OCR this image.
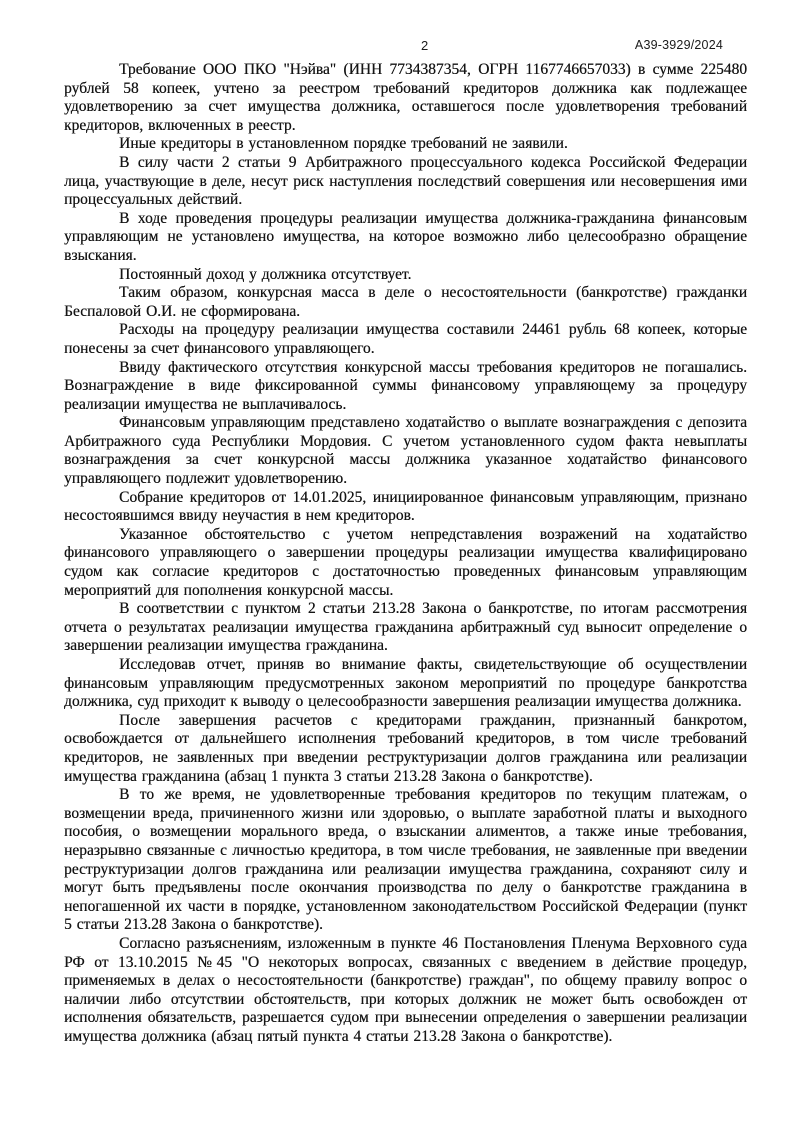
2	А39-3929/2024

Требование ООО ПКО "Нэйва" (ИНН 7734387354, ОГРН 1167746657033) в сумме 225480 рублей 58 копеек, учтено за реестром требований кредиторов должника как подлежащее удовлетворению за счет имущества должника, оставшегося после удовлетворения требований кредиторов, включенных в реестр.

Иные кредиторы в установленном порядке требований не заявили.

В силу части 2 статьи 9 Арбитражного процессуального кодекса Российской Федерации лица, участвующие в деле, несут риск наступления последствий совершения или несовершения ими процессуальных действий.

В ходе проведения процедуры реализации имущества должника-гражданина финансовым управляющим не установлено имущества, на которое возможно либо целесообразно обращение взыскания.

Постоянный доход у должника отсутствует.

Таким образом, конкурсная масса в деле о несостоятельности (банкротстве) гражданки Беспаловой О.И. не сформирована.

Расходы на процедуру реализации имущества составили 24461 рубль 68 копеек, которые понесены за счет финансового управляющего.

Ввиду фактического отсутствия конкурсной массы требования кредиторов не погашались. Вознаграждение в виде фиксированной суммы финансовому управляющему за процедуру реализации имущества не выплачивалось.

Финансовым управляющим представлено ходатайство о выплате вознаграждения с депозита Арбитражного суда Республики Мордовия. С учетом установленного судом факта невыплаты вознаграждения за счет конкурсной массы должника указанное ходатайство финансового управляющего подлежит удовлетворению.

Собрание кредиторов от 14.01.2025, инициированное финансовым управляющим, признано несостоявшимся ввиду неучастия в нем кредиторов.

Указанное обстоятельство с учетом непредставления возражений на ходатайство финансового управляющего о завершении процедуры реализации имущества квалифицировано судом как согласие кредиторов с достаточностью проведенных финансовым управляющим мероприятий для пополнения конкурсной массы.

В соответствии с пунктом 2 статьи 213.28 Закона о банкротстве, по итогам рассмотрения отчета о результатах реализации имущества гражданина арбитражный суд выносит определение о завершении реализации имущества гражданина.

Исследовав отчет, приняв во внимание факты, свидетельствующие об осуществлении финансовым управляющим предусмотренных законом мероприятий по процедуре банкротства должника, суд приходит к выводу о целесообразности завершения реализации имущества должника.

После завершения расчетов с кредиторами гражданин, признанный банкротом, освобождается от дальнейшего исполнения требований кредиторов, в том числе требований кредиторов, не заявленных при введении реструктуризации долгов гражданина или реализации имущества гражданина (абзац 1 пункта 3 статьи 213.28 Закона о банкротстве).

В то же время, не удовлетворенные требования кредиторов по текущим платежам, о возмещении вреда, причиненного жизни или здоровью, о выплате заработной платы и выходного пособия, о возмещении морального вреда, о взыскании алиментов, а также иные требования, неразрывно связанные с личностью кредитора, в том числе требования, не заявленные при введении реструктуризации долгов гражданина или реализации имущества гражданина, сохраняют силу и могут быть предъявлены после окончания производства по делу о банкротстве гражданина в непогашенной их части в порядке, установленном законодательством Российской Федерации (пункт 5 статьи 213.28 Закона о банкротстве).

Согласно разъяснениям, изложенным в пункте 46 Постановления Пленума Верховного суда РФ от 13.10.2015 №45 "О некоторых вопросах, связанных с введением в действие процедур, применяемых в делах о несостоятельности (банкротстве) граждан", по общему правилу вопрос о наличии либо отсутствии обстоятельств, при которых должник не может быть освобожден от исполнения обязательств, разрешается судом при вынесении определения о завершении реализации имущества должника (абзац пятый пункта 4 статьи 213.28 Закона о банкротстве).
